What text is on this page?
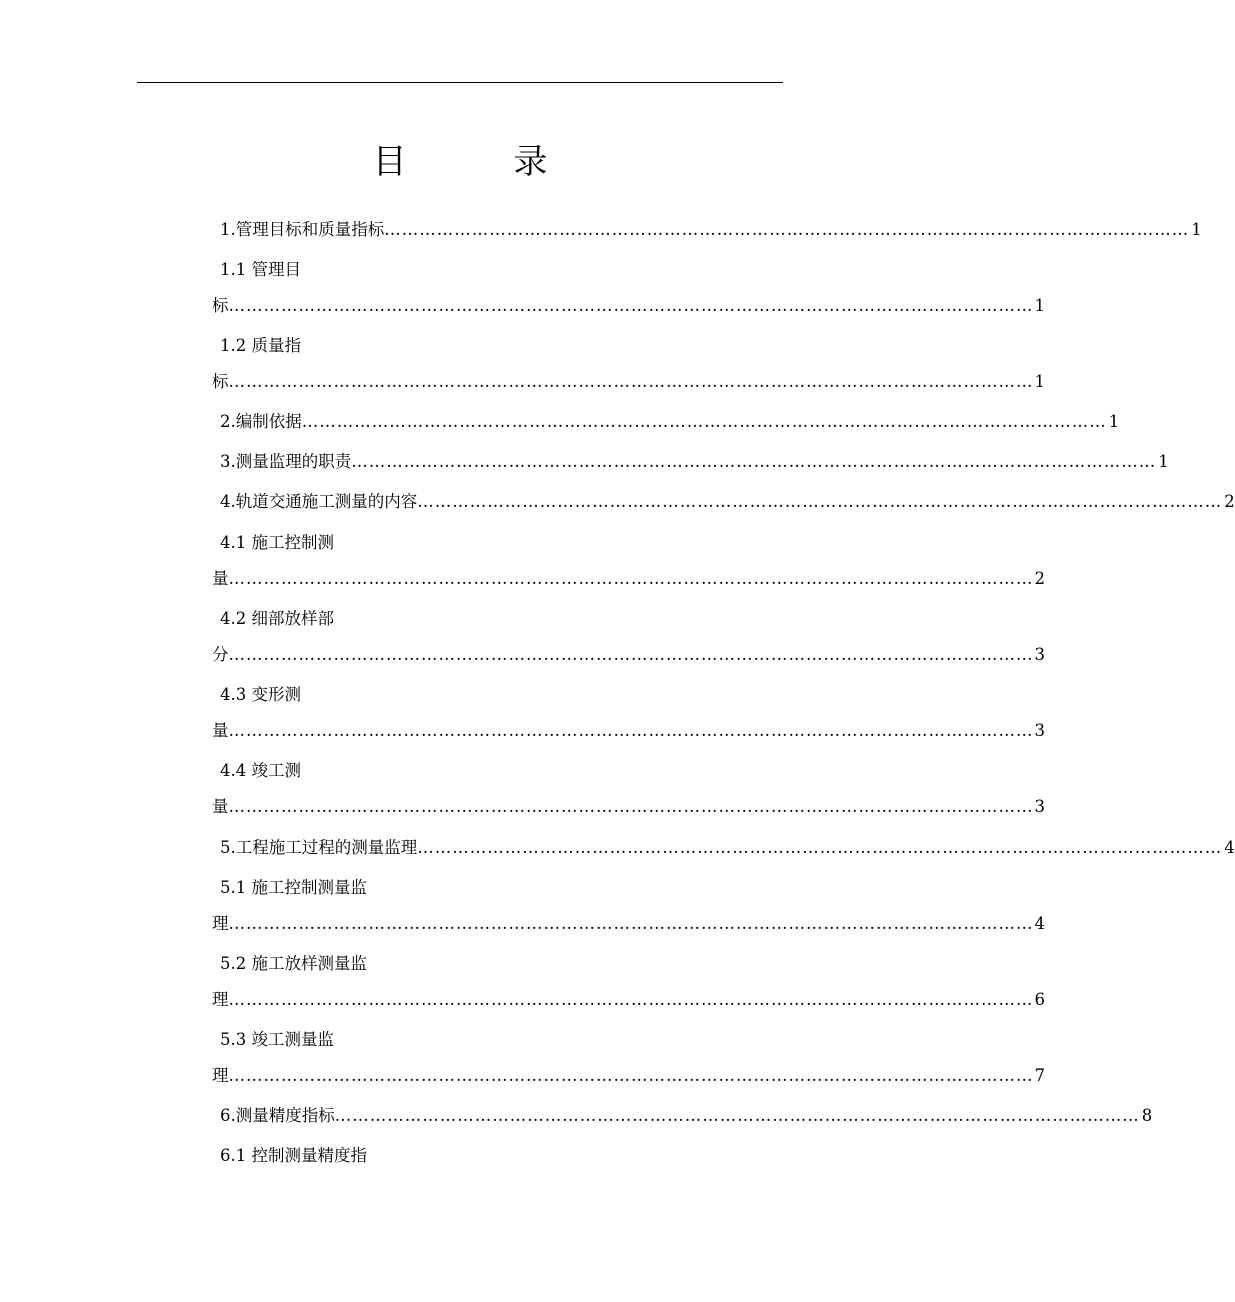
目 录
1. 管理目标和质量指标 ………………………………………………………………………………………………………………………… 1
1.1 管理目
标 ………………………………………………………………………………………………………………………… 1
1.2 质量指
标 ………………………………………………………………………………………………………………………… 1
2. 编制依据 ………………………………………………………………………………………………………………………… 1
3. 测量监理的职责 ………………………………………………………………………………………………………………………… 1
4. 轨道交通施工测量的内容 ………………………………………………………………………………………………………………………… 2
4.1 施工控制测
量 ………………………………………………………………………………………………………………………… 2
4.2 细部放样部
分 ………………………………………………………………………………………………………………………… 3
4.3 变形测
量 ………………………………………………………………………………………………………………………… 3
4.4 竣工测
量 ………………………………………………………………………………………………………………………… 3
5. 工程施工过程的测量监理 ………………………………………………………………………………………………………………………… 4
5.1 施工控制测量监
理 ………………………………………………………………………………………………………………………… 4
5.2 施工放样测量监
理 ………………………………………………………………………………………………………………………… 6
5.3 竣工测量监
理 ………………………………………………………………………………………………………………………… 7
6.测量精度指标 ………………………………………………………………………………………………………………………… 8
6.1 控制测量精度指
